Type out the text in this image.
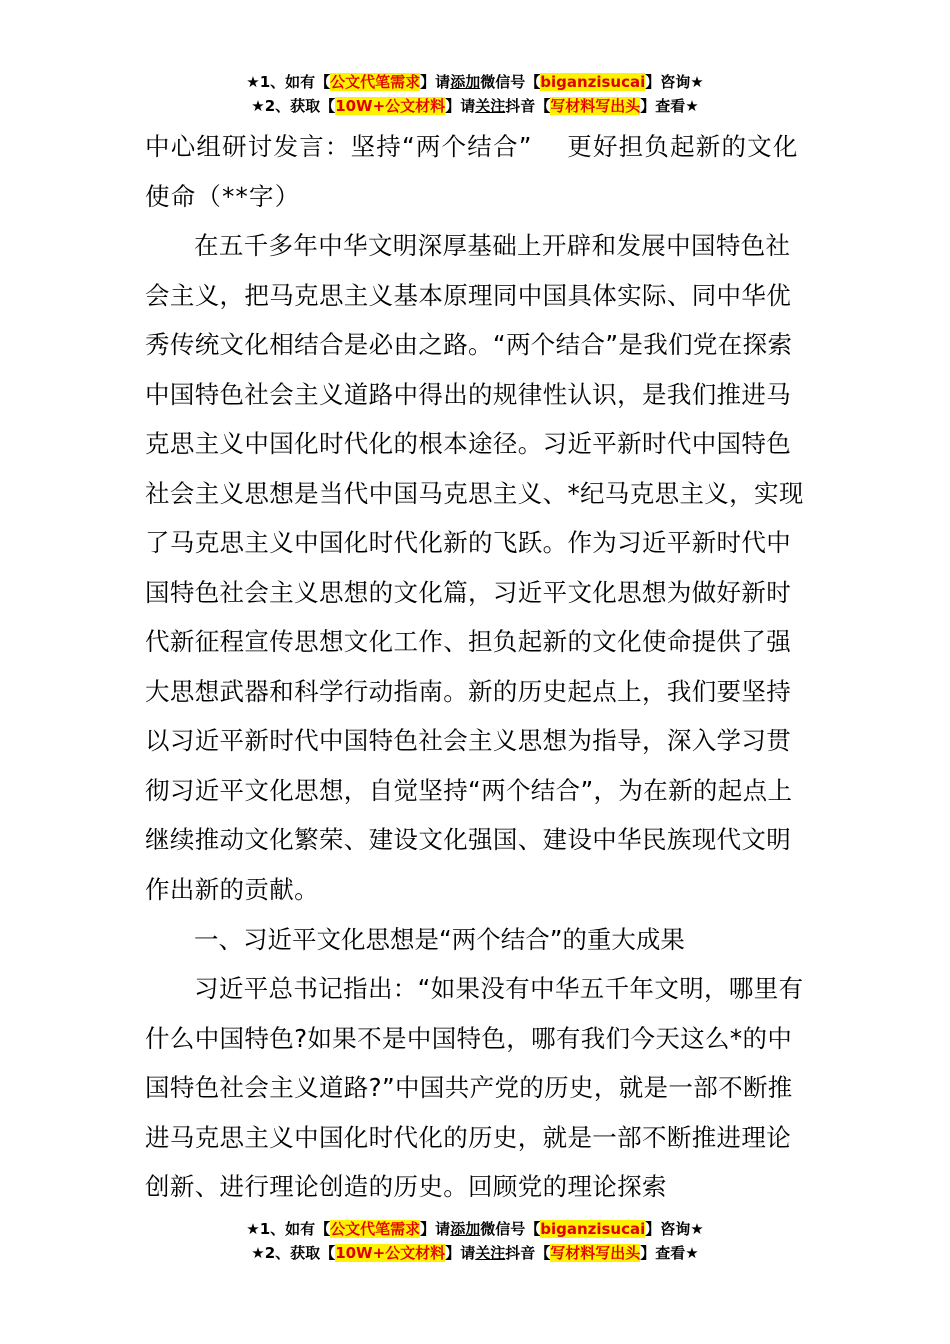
★1、如有【公文代笔需求】请添加微信号【biganzisucai】咨询★
★2、获取【10W+公文材料】请关注抖音【写材料写出头】查看★

中心组研讨发言：坚持“两个结合”　 更好担负起新的文化使命（**字）

在五千多年中华文明深厚基础上开辟和发展中国特色社会主义，把马克思主义基本原理同中国具体实际、同中华优秀传统文化相结合是必由之路。“两个结合”是我们党在探索中国特色社会主义道路中得出的规律性认识，是我们推进马克思主义中国化时代化的根本途径。习近平新时代中国特色社会主义思想是当代中国马克思主义、*纪马克思主义，实现了马克思主义中国化时代化新的飞跃。作为习近平新时代中国特色社会主义思想的文化篇，习近平文化思想为做好新时代新征程宣传思想文化工作、担负起新的文化使命提供了强大思想武器和科学行动指南。新的历史起点上，我们要坚持以习近平新时代中国特色社会主义思想为指导，深入学习贯彻习近平文化思想，自觉坚持“两个结合”，为在新的起点上继续推动文化繁荣、建设文化强国、建设中华民族现代文明作出新的贡献。

一、习近平文化思想是“两个结合”的重大成果

习近平总书记指出：“如果没有中华五千年文明，哪里有什么中国特色?如果不是中国特色，哪有我们今天这么*的中国特色社会主义道路?”中国共产党的历史，就是一部不断推进马克思主义中国化时代化的历史，就是一部不断推进理论创新、进行理论创造的历史。回顾党的理论探索

★1、如有【公文代笔需求】请添加微信号【biganzisucai】咨询★
★2、获取【10W+公文材料】请关注抖音【写材料写出头】查看★
